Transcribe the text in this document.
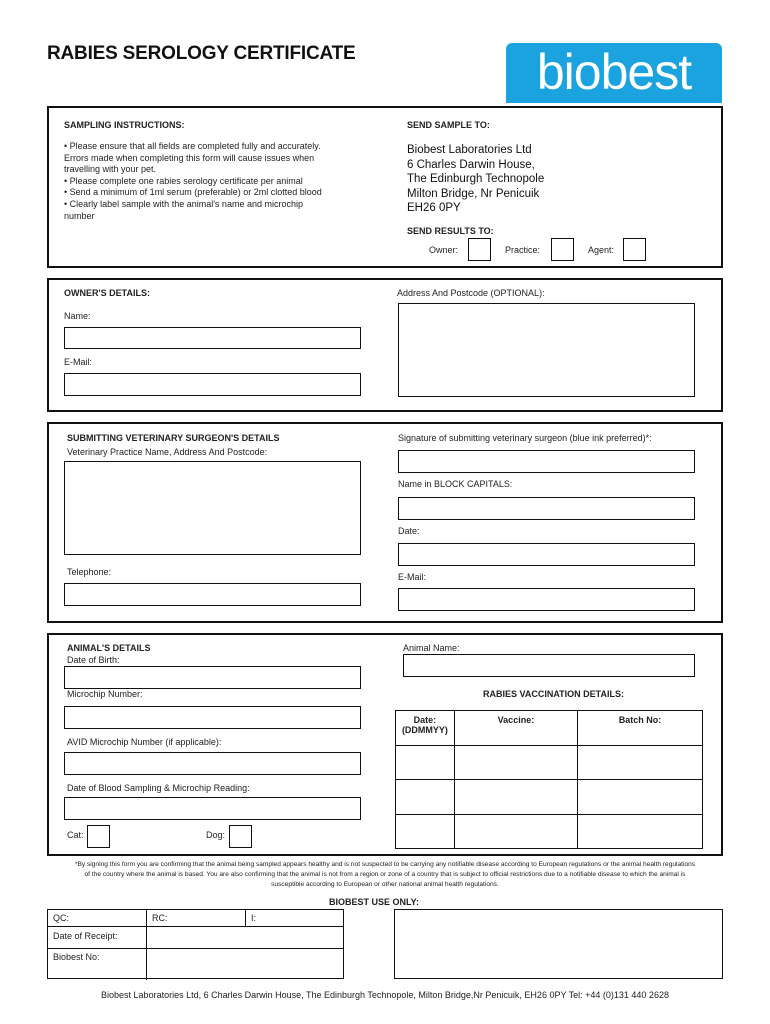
RABIES SEROLOGY CERTIFICATE	biobest
SAMPLING INSTRUCTIONS:
• Please ensure that all fields are completed fully and accurately.
Errors made when completing this form will cause issues when
travelling with your pet.
• Please complete one rabies serology certificate per animal
• Send a minimum of 1ml serum (preferable) or 2ml clotted blood
• Clearly label sample with the animal's name and microchip
number
SEND SAMPLE TO:
Biobest Laboratories Ltd
6 Charles Darwin House,
The Edinburgh Technopole
Milton Bridge, Nr Penicuik
EH26 0PY
SEND RESULTS TO:
Owner:	Practice:	Agent:
OWNER'S DETAILS:
Name:
E-Mail:
Address And Postcode (OPTIONAL):
SUBMITTING VETERINARY SURGEON'S DETAILS
Veterinary Practice Name, Address And Postcode:
Telephone:
Signature of submitting veterinary surgeon (blue ink preferred)*:
Name in BLOCK CAPITALS:
Date:
E-Mail:
ANIMAL'S DETAILS
Date of Birth:
Microchip Number:
AVID Microchip Number (if applicable):
Date of Blood Sampling & Microchip Reading:
Cat:	Dog:
Animal Name:
RABIES VACCINATION DETAILS:
Date:
(DDMMYY)	Vaccine:	Batch No:

*By signing this form you are confirming that the animal being sampled appears healthy and is not suspected to be carrying any notifiable disease according to European regulations or the animal health regulations
of the country where the animal is based. You are also confirming that the animal is not from a region or zone of a country that is subject to official restrictions due to a notifiable disease to which the animal is
susceptible according to European or other national animal health regulations.
BIOBEST USE ONLY:
QC:	RC:	I:
Date of Receipt:
Biobest No:
Biobest Laboratories Ltd, 6 Charles Darwin House, The Edinburgh Technopole, Milton Bridge,Nr Penicuik, EH26 0PY Tel: +44 (0)131 440 2628
